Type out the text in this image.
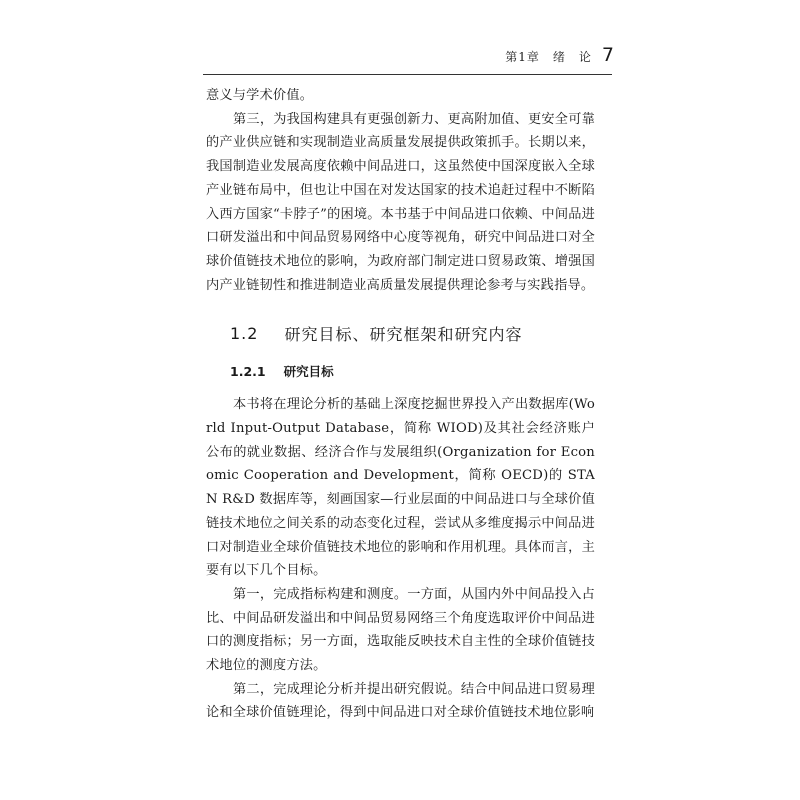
第1章　绪　论 7

意义与学术价值。

第三，为我国构建具有更强创新力、更高附加值、更安全可靠的产业供应链和实现制造业高质量发展提供政策抓手。长期以来，我国制造业发展高度依赖中间品进口，这虽然使中国深度嵌入全球产业链布局中，但也让中国在对发达国家的技术追赶过程中不断陷入西方国家“卡脖子”的困境。本书基于中间品进口依赖、中间品进口研发溢出和中间品贸易网络中心度等视角，研究中间品进口对全球价值链技术地位的影响，为政府部门制定进口贸易政策、增强国内产业链韧性和推进制造业高质量发展提供理论参考与实践指导。

1.2 研究目标、研究框架和研究内容
1.2.1 研究目标

本书将在理论分析的基础上深度挖掘世界投入产出数据库(World Input-Output Database，简称 WIOD)及其社会经济账户公布的就业数据、经济合作与发展组织(Organization for Economic Cooperation and Development，简称 OECD)的 STAN R&D 数据库等，刻画国家—行业层面的中间品进口与全球价值链技术地位之间关系的动态变化过程，尝试从多维度揭示中间品进口对制造业全球价值链技术地位的影响和作用机理。具体而言，主要有以下几个目标。

第一，完成指标构建和测度。一方面，从国内外中间品投入占比、中间品研发溢出和中间品贸易网络三个角度选取评价中间品进口的测度指标；另一方面，选取能反映技术自主性的全球价值链技术地位的测度方法。

第二，完成理论分析并提出研究假说。结合中间品进口贸易理论和全球价值链理论，得到中间品进口对全球价值链技术地位影响
